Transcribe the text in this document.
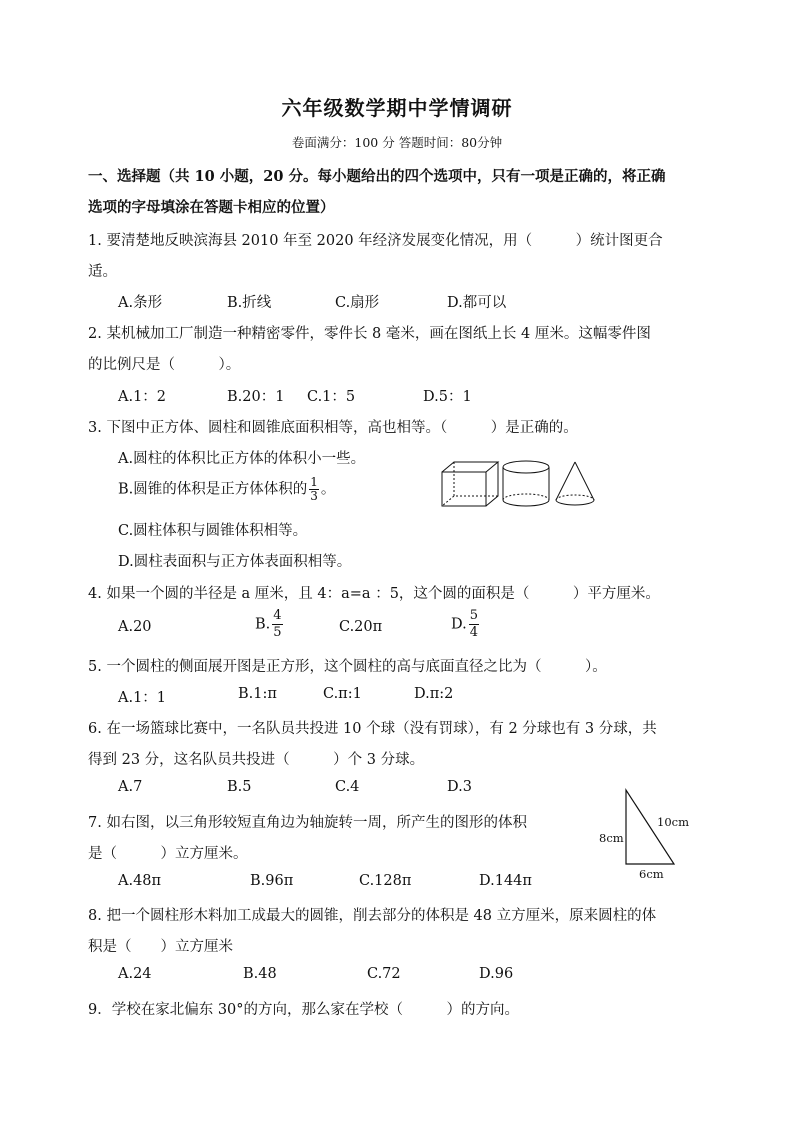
六年级数学期中学情调研
卷面满分：100 分 答题时间：80分钟
一、选择题（共 10 小题，20 分。每小题给出的四个选项中，只有一项是正确的，将正确
选项的字母填涂在答题卡相应的位置）
1. 要清楚地反映滨海县 2010 年至 2020 年经济发展变化情况，用（　　　）统计图更合
适。
A.条形	B.折线	C.扇形	D.都可以
2. 某机械加工厂制造一种精密零件，零件长 8 毫米，画在图纸上长 4 厘米。这幅零件图
的比例尺是（　　　）。
A.1：2	B.20：1 C.1：5	D.5：1
3. 下图中正方体、圆柱和圆锥底面积相等，高也相等。（　　　）是正确的。
A.圆柱的体积比正方体的体积小一些。
B.圆锥的体积是正方体体积的 $\frac{1}{3}$ 。
C.圆柱体积与圆锥体积相等。
D.圆柱表面积与正方体表面积相等。
4. 如果一个圆的半径是 a 厘米，且 4：a=a ：5，这个圆的面积是（　　　）平方厘米。
A.20	B. $\frac{4}{5}$	C.20π	D. $\frac{5}{4}$
5. 一个圆柱的侧面展开图是正方形，这个圆柱的高与底面直径之比为（　　　）。
A.1：1	B.1:π	C.π:1	D.π:2
6. 在一场篮球比赛中，一名队员共投进 10 个球（没有罚球），有 2 分球也有 3 分球，共
得到 23 分，这名队员共投进（　　　）个 3 分球。
A.7	B.5	C.4	D.3
7. 如右图，以三角形较短直角边为轴旋转一周，所产生的图形的体积
是（　　　）立方厘米。
A.48π	B.96π	C.128π	D.144π
10cm
8cm
6cm
8. 把一个圆柱形木料加工成最大的圆锥，削去部分的体积是 48 立方厘米，原来圆柱的体
积是（　　）立方厘米
A.24	B.48	C.72	D.96
9．学校在家北偏东 30°的方向，那么家在学校（　　　）的方向。
